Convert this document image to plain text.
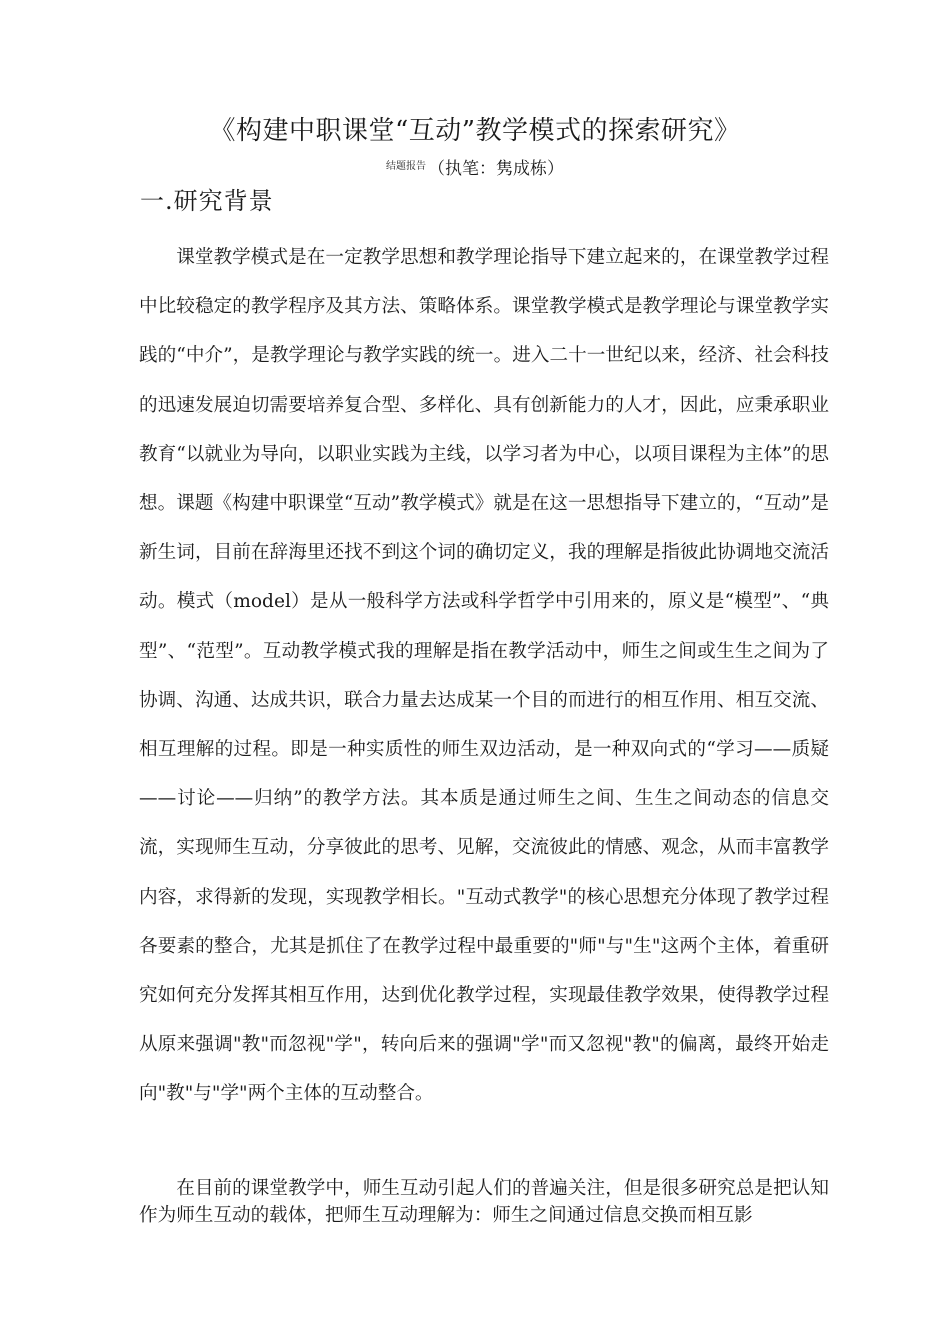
《构建中职课堂“互动”教学模式的探索研究》
$^{结题报告}$ （执笔：隽成栋）
一.研究背景

课堂教学模式是在一定教学思想和教学理论指导下建立起来的，在课堂教学过程中比较稳定的教学程序及其方法、策略体系。课堂教学模式是教学理论与课堂教学实践的“中介”，是教学理论与教学实践的统一。进入二十一世纪以来，经济、社会科技的迅速发展迫切需要培养复合型、多样化、具有创新能力的人才，因此，应秉承职业教育“以就业为导向，以职业实践为主线，以学习者为中心，以项目课程为主体”的思想。课题《构建中职课堂“互动”教学模式》就是在这一思想指导下建立的，“互动”是新生词，目前在辞海里还找不到这个词的确切定义，我的理解是指彼此协调地交流活动。模式（model）是从一般科学方法或科学哲学中引用来的，原义是“模型”、“典型”、“范型”。互动教学模式我的理解是指在教学活动中，师生之间或生生之间为了协调、沟通、达成共识，联合力量去达成某一个目的而进行的相互作用、相互交流、相互理解的过程。即是一种实质性的师生双边活动，是一种双向式的“学习——质疑——讨论——归纳”的教学方法。其本质是通过师生之间、生生之间动态的信息交流，实现师生互动，分享彼此的思考、见解，交流彼此的情感、观念，从而丰富教学内容，求得新的发现，实现教学相长。"互动式教学"的核心思想充分体现了教学过程各要素的整合，尤其是抓住了在教学过程中最重要的"师"与"生"这两个主体，着重研究如何充分发挥其相互作用，达到优化教学过程，实现最佳教学效果，使得教学过程从原来强调"教"而忽视"学"，转向后来的强调"学"而又忽视"教"的偏离，最终开始走向"教"与"学"两个主体的互动整合。

在目前的课堂教学中，师生互动引起人们的普遍关注，但是很多研究总是把认知作为师生互动的载体，把师生互动理解为：师生之间通过信息交换而相互影
